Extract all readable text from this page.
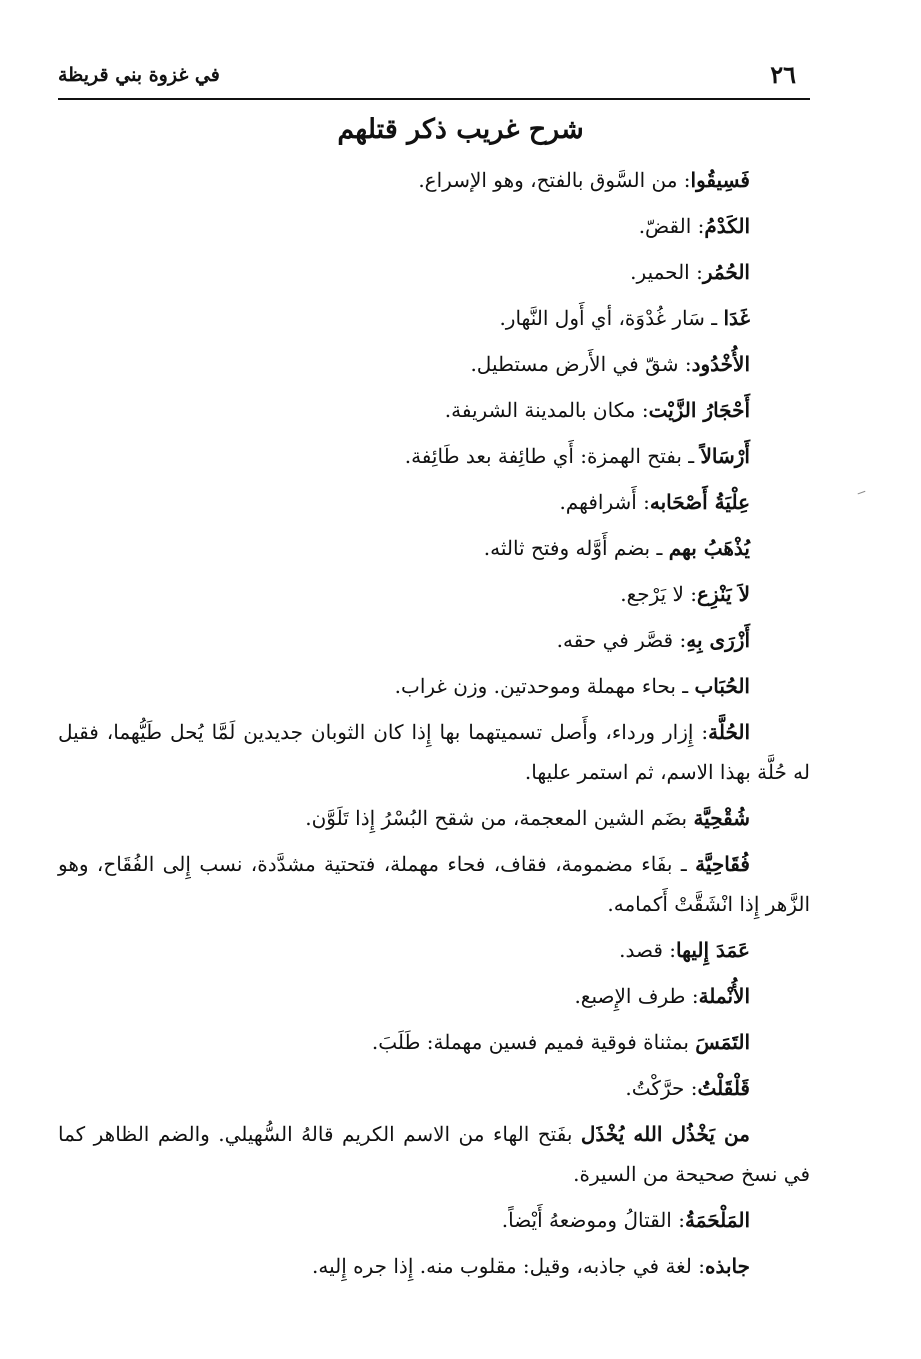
٢٦
في غزوة بني قريظة
شرح غريب ذكر قتلهم

فَسِيقُوا: من السَّوق بالفتح، وهو الإسراع.

الكَدْمُ: القضّ.

الحُمُر: الحمير.

غَدَا ـ سَار غُدْوَة، أي أَول النَّهار.

الأُخْدُود: شقّ في الأَرض مستطيل.

أَحْجَارُ الزَّيْت: مكان بالمدينة الشريفة.

أَرْسَالاً ـ بفتح الهمزة: أَي طائِفة بعد طَائِفة.

عِلْيَةُ أَصْحَابه: أَشرافهم.

يُذْهَبُ بهم ـ بضم أَوَّله وفتح ثالثه.

لاَ يَنْزِع: لا يَرْجع.

أَزْرَى بِهِ: قصَّر في حقه.

الحُبَاب ـ بحاء مهملة وموحدتين. وزن غراب.

الحُلَّة: إِزار ورداء، وأَصل تسميتهما بها إِذا كان الثوبان جديدين لَمَّا يُحل طَيُّهما، فقيل له حُلَّة بهذا الاسم، ثم استمر عليها.

شُقْحِيَّة بضَم الشين المعجمة، من شقح البُسْرُ إِذا تَلَوَّن.

فُقَاحِيَّة ـ بفَاء مضمومة، فقاف، فحاء مهملة، فتحتية مشدَّدة، نسب إِلى الفُقَاح، وهو الزَّهر إِذا انْشَقَّتْ أَكمامه.

عَمَدَ إِليها: قصد.

الأُنْملة: طرف الإِصبع.

التَمَسَ بمثناة فوقية فميم فسين مهملة: طَلَبَ.

قَلْقَلْتُ: حرَّكْتُ.

من يَخْذُل الله يُخْذَل بفَتح الهاء من الاسم الكريم قالهُ السُّهيلي. والضم الظاهر كما في نسخ صحيحة من السيرة.

المَلْحَمَةُ: القتالُ وموضعهُ أَيْضاً.

جابذه: لغة في جاذبه، وقيل: مقلوب منه. إِذا جره إِليه.
